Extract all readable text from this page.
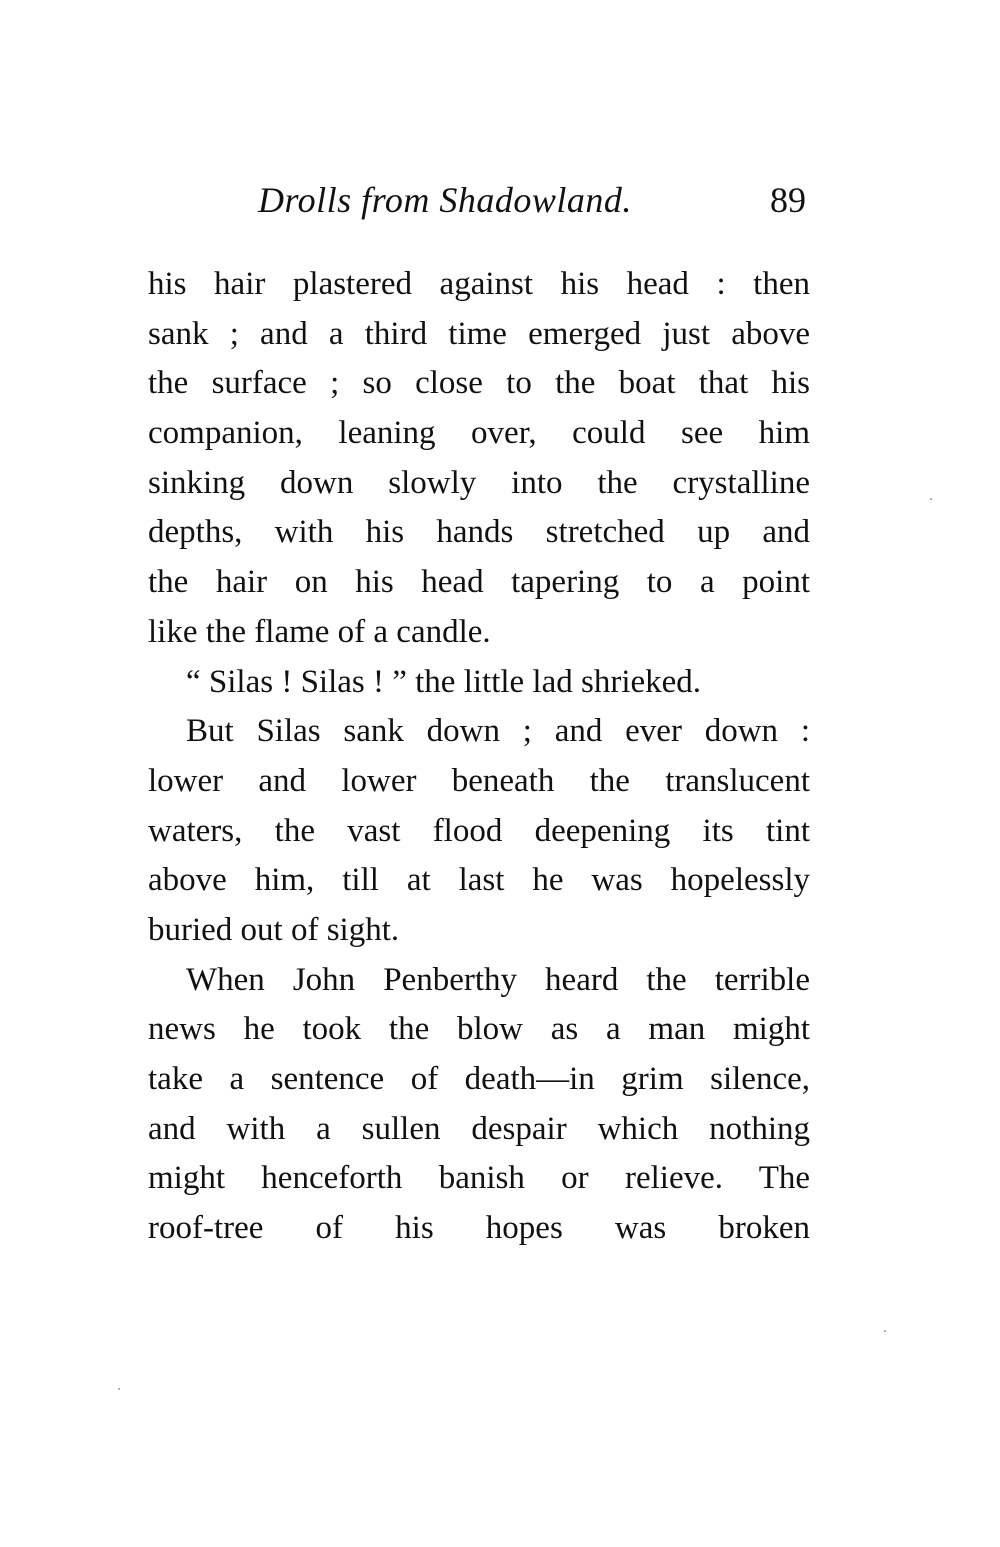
Drolls from Shadowland.	89
his hair plastered against his head : then
sank ; and a third time emerged just above
the surface ; so close to the boat that his
companion, leaning over, could see him
sinking down slowly into the crystalline
depths, with his hands stretched up and
the hair on his head tapering to a point
like the flame of a candle.
“ Silas ! Silas ! ” the little lad shrieked.
But Silas sank down ; and ever down :
lower and lower beneath the translucent
waters, the vast flood deepening its tint
above him, till at last he was hopelessly
buried out of sight.
When John Penberthy heard the terrible
news he took the blow as a man might
take a sentence of death—in grim silence,
and with a sullen despair which nothing
might henceforth banish or relieve. The
roof-tree of his hopes was broken
